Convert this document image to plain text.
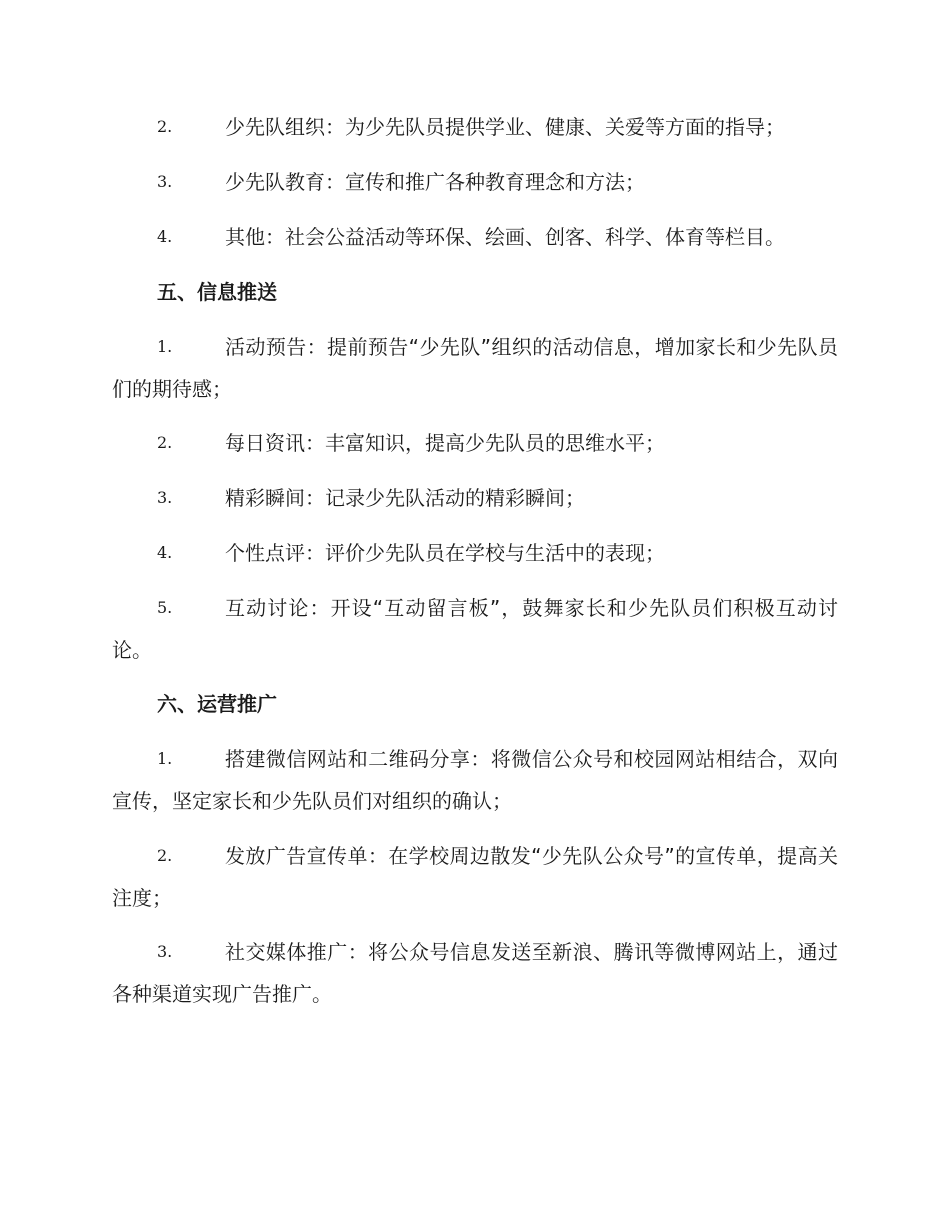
2.	少先队组织：为少先队员提供学业、健康、关爱等方面的指导；
3.	少先队教育：宣传和推广各种教育理念和方法；
4.	其他：社会公益活动等环保、绘画、创客、科学、体育等栏目。
五、信息推送
1.	活动预告：提前预告“少先队”组织的活动信息，增加家长和少先队员们的期待感；
2.	每日资讯：丰富知识，提高少先队员的思维水平；
3.	精彩瞬间：记录少先队活动的精彩瞬间；
4.	个性点评：评价少先队员在学校与生活中的表现；
5.	互动讨论：开设“互动留言板”，鼓舞家长和少先队员们积极互动讨论。
六、运营推广
1.	搭建微信网站和二维码分享：将微信公众号和校园网站相结合，双向宣传，坚定家长和少先队员们对组织的确认；
2.	发放广告宣传单：在学校周边散发“少先队公众号”的宣传单，提高关注度；
3.	社交媒体推广：将公众号信息发送至新浪、腾讯等微博网站上，通过各种渠道实现广告推广。
